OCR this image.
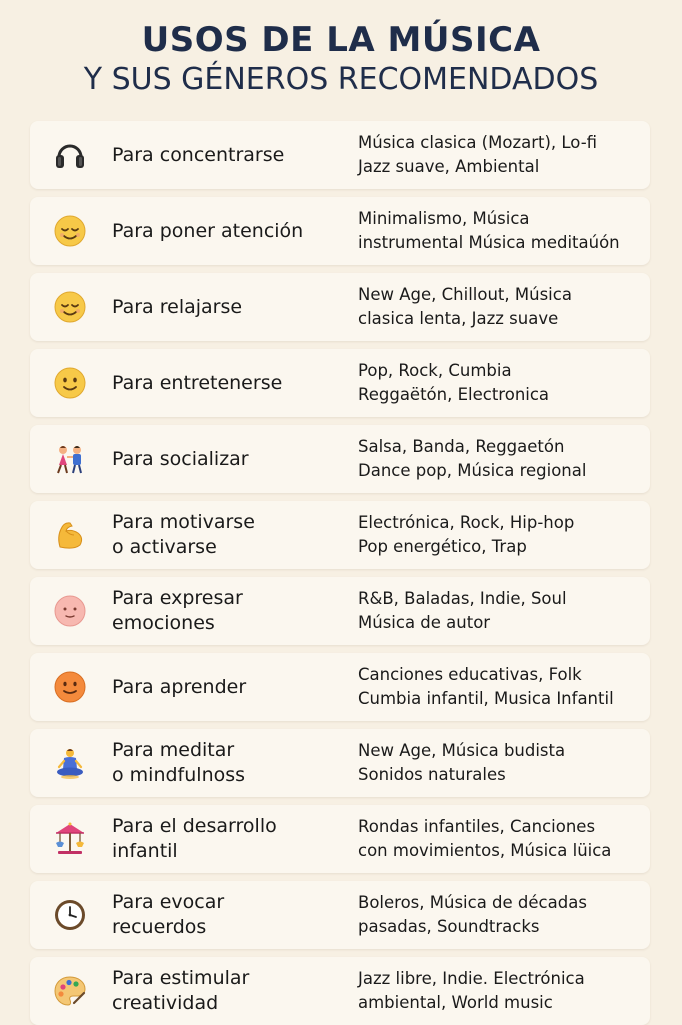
USOS DE LA MÚSICA
Y SUS GÉNEROS RECOMENDADOS
Para concentrarse
Música clasica (Mozart), Lo-fi
Jazz suave, Ambiental
Para poner atención
Minimalismo, Música
instrumental Música meditaúón
Para relajarse
New Age, Chillout, Música
clasica lenta, Jazz suave
Para entretenerse
Pop, Rock, Cumbia
Reggaëtón, Electronica
Para socializar
Salsa, Banda, Reggaetón
Dance pop, Música regional
Para motivarse
o activarse
Electrónica, Rock, Hip-hop
Pop energético, Trap
Para expresar
emociones
R&B, Baladas, Indie, Soul
Música de autor
Para aprender
Canciones educativas, Folk
Cumbia infantil, Musica Infantil
Para meditar
o mindfulnoss
New Age, Música budista
Sonidos naturales
Para el desarrollo
infantil
Rondas infantiles, Canciones
con movimientos, Música lüica
Para evocar
recuerdos
Boleros, Música de décadas
pasadas, Soundtracks
Para estimular
creatividad
Jazz libre, Indie. Electrónica
ambiental, World music
